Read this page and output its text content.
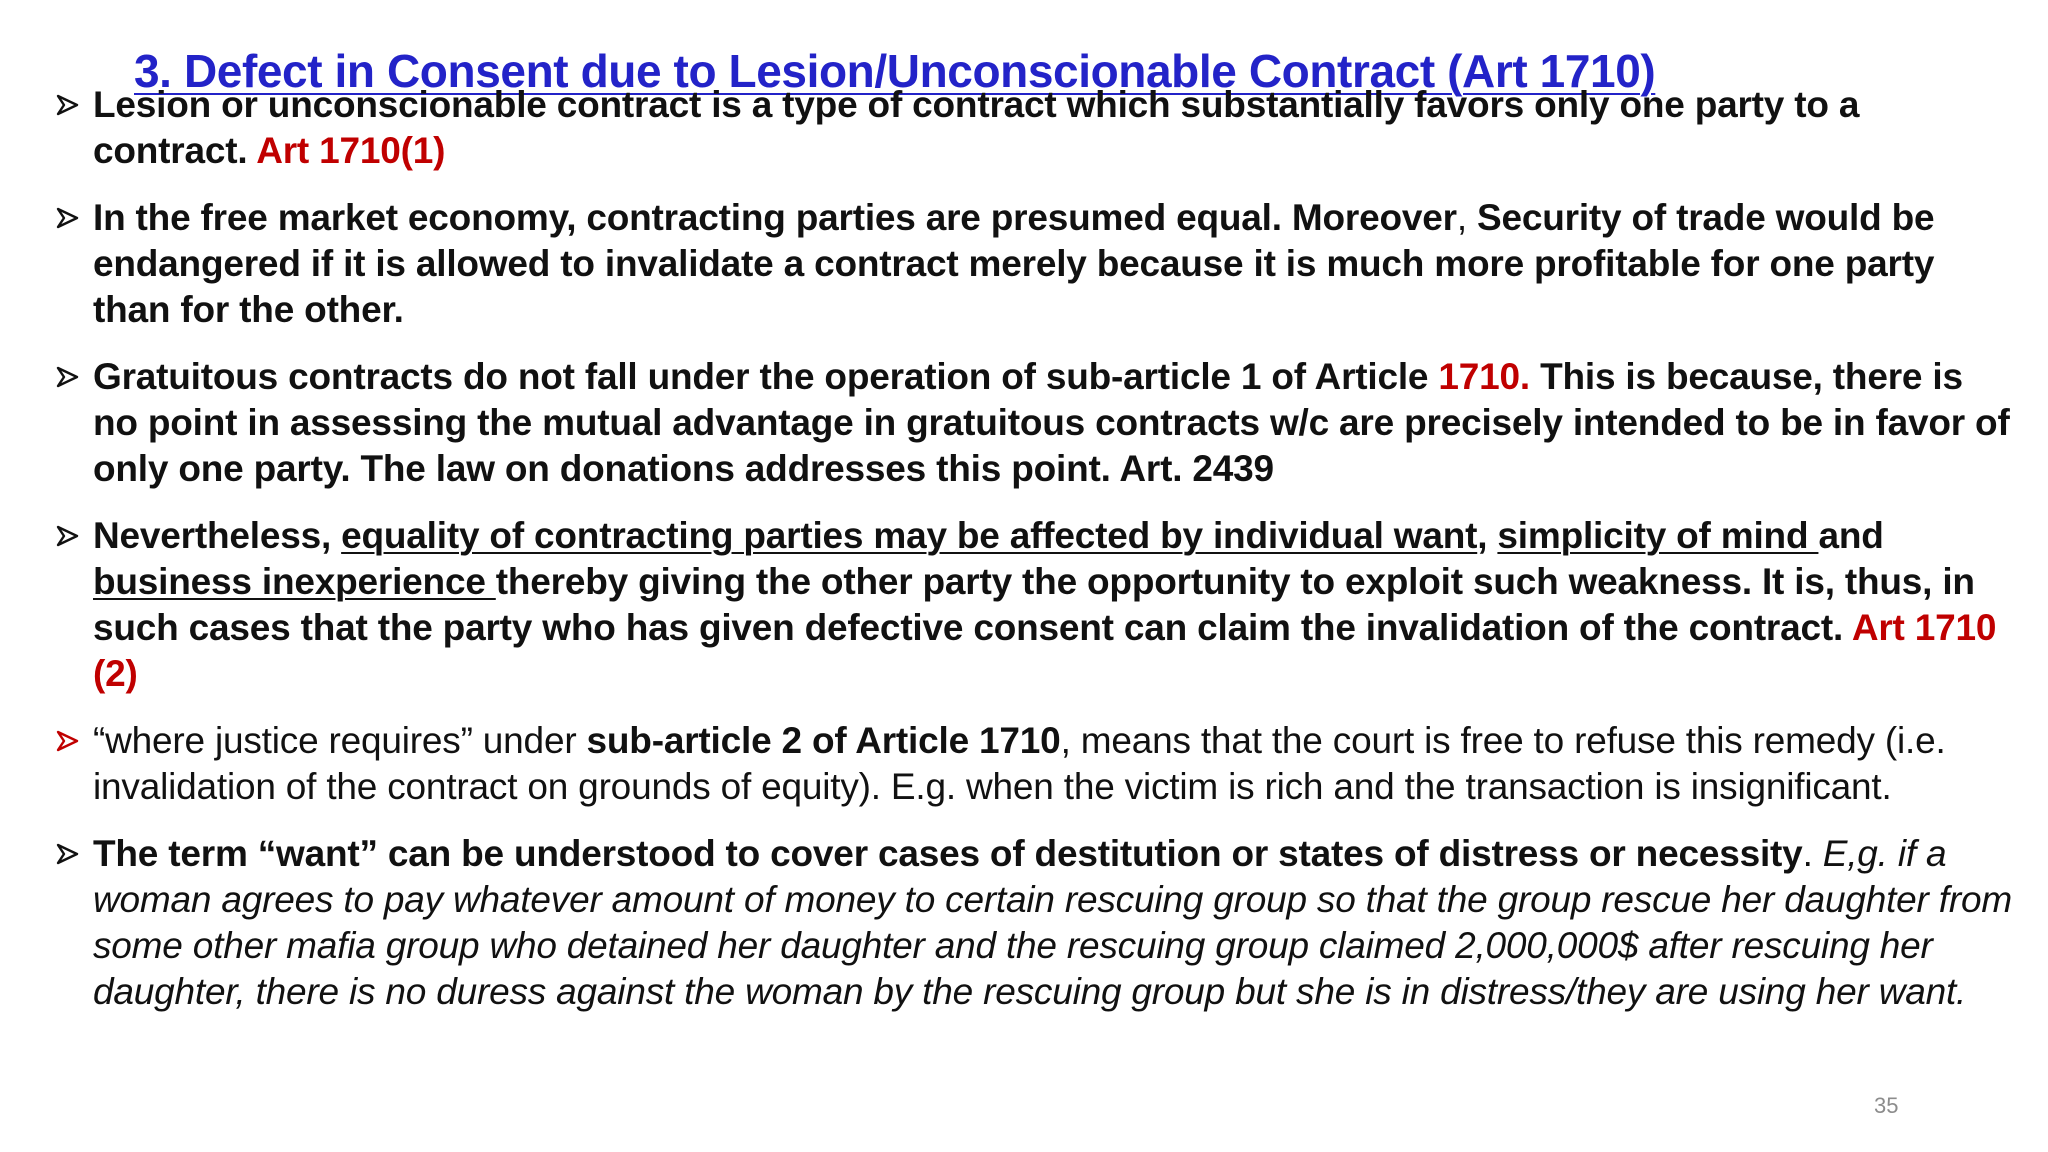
3. Defect in Consent due to Lesion/Unconscionable Contract (Art 1710)
Lesion or unconscionable contract is a type of contract which substantially favors only one party to a contract. Art 1710(1)
In the free market economy, contracting parties are presumed equal. Moreover, Security of trade would be endangered if it is allowed to invalidate a contract merely because it is much more profitable for one party than for the other.
Gratuitous contracts do not fall under the operation of sub-article 1 of Article 1710. This is because, there is no point in assessing the mutual advantage in gratuitous contracts w/c are precisely intended to be in favor of only one party. The law on donations addresses this point. Art. 2439
Nevertheless, equality of contracting parties may be affected by individual want, simplicity of mind and business inexperience thereby giving the other party the opportunity to exploit such weakness. It is, thus, in such cases that the party who has given defective consent can claim the invalidation of the contract. Art 1710 (2)
“where justice requires” under sub-article 2 of Article 1710, means that the court is free to refuse this remedy (i.e. invalidation of the contract on grounds of equity). E.g. when the victim is rich and the transaction is insignificant.
The term “want” can be understood to cover cases of destitution or states of distress or necessity. E,g. if a woman agrees to pay whatever amount of money to certain rescuing group so that the group rescue her daughter from some other mafia group who detained her daughter and the rescuing group claimed 2,000,000$ after rescuing her daughter, there is no duress against the woman by the rescuing group but she is in distress/they are using her want.
35
